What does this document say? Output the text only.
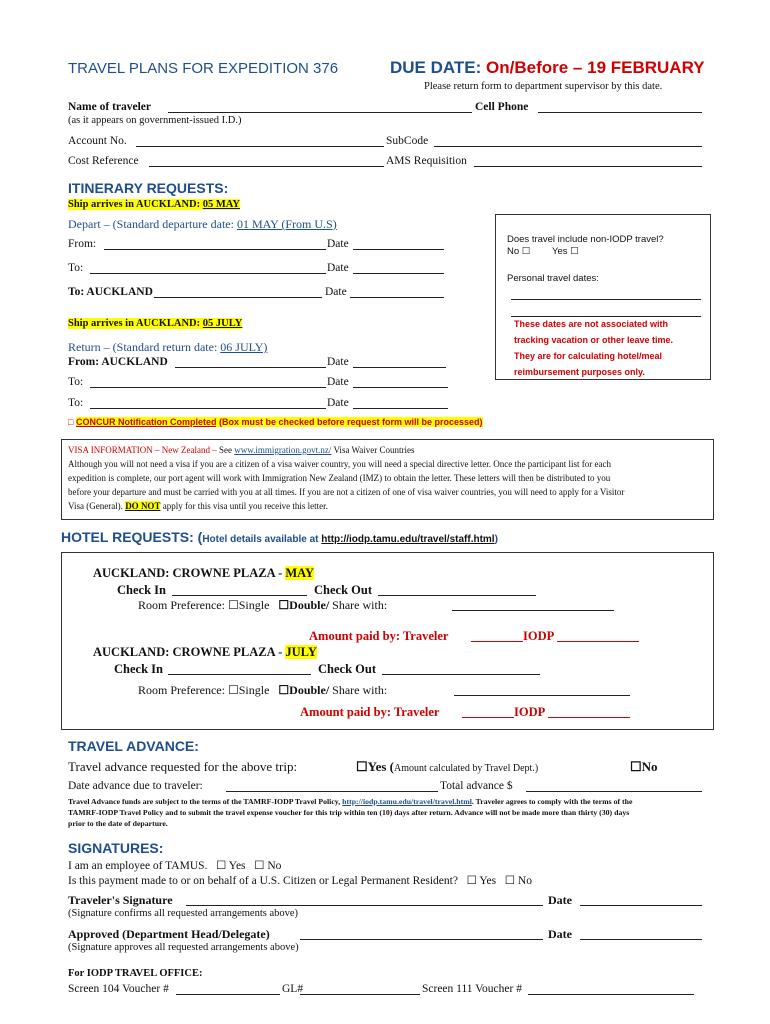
TRAVEL PLANS FOR EXPEDITION 376	DUE DATE: On/Before – 19 FEBRUARY
Please return form to department supervisor by this date.
Name of traveler	Cell Phone
(as it appears on government-issued I.D.)
Account No.	SubCode
Cost Reference	AMS Requisition
ITINERARY REQUESTS:
Ship arrives in AUCKLAND: 05 MAY
Depart – (Standard departure date: 01 MAY (From U.S)
From:	Date
To:	Date
To: AUCKLAND	Date
Ship arrives in AUCKLAND: 05 JULY
Return – (Standard return date: 06 JULY)
From: AUCKLAND	Date
To:	Date
To:	Date
Does travel include non-IODP travel?
No ☐ Yes ☐
Personal travel dates:
These dates are not associated with
tracking vacation or other leave time.
They are for calculating hotel/meal
reimbursement purposes only.
□ CONCUR Notification Completed (Box must be checked before request form will be processed)
VISA INFORMATION – New Zealand – See www.immigration.govt.nz/ Visa Waiver Countries
Although you will not need a visa if you are a citizen of a visa waiver country, you will need a special directive letter. Once the participant list for each
expedition is complete, our port agent will work with Immigration New Zealand (IMZ) to obtain the letter. These letters will then be distributed to you
before your departure and must be carried with you at all times. If you are not a citizen of one of visa waiver countries, you will need to apply for a Visitor
Visa (General). DO NOT apply for this visa until you receive this letter.
HOTEL REQUESTS: (Hotel details available at http://iodp.tamu.edu/travel/staff.html)
AUCKLAND: CROWNE PLAZA - MAY
Check In	Check Out
Room Preference: ☐Single ☐Double/ Share with:
Amount paid by: Traveler	IODP
AUCKLAND: CROWNE PLAZA - JULY
Check In	Check Out
Room Preference: ☐Single ☐Double/ Share with:
Amount paid by: Traveler	IODP
TRAVEL ADVANCE:
Travel advance requested for the above trip:	☐Yes (Amount calculated by Travel Dept.)	☐No
Date advance due to traveler:	Total advance $
Travel Advance funds are subject to the terms of the TAMRF-IODP Travel Policy, http://iodp.tamu.edu/travel/travel.html. Traveler agrees to comply with the terms of the
TAMRF-IODP Travel Policy and to submit the travel expense voucher for this trip within ten (10) days after return. Advance will not be made more than thirty (30) days
prior to the date of departure.
SIGNATURES:
I am an employee of TAMUS. ☐ Yes ☐ No
Is this payment made to or on behalf of a U.S. Citizen or Legal Permanent Resident? ☐ Yes ☐ No
Traveler's Signature	Date
(Signature confirms all requested arrangements above)
Approved (Department Head/Delegate)	Date
(Signature approves all requested arrangements above)
For IODP TRAVEL OFFICE:
Screen 104 Voucher #	GL#	Screen 111 Voucher #
